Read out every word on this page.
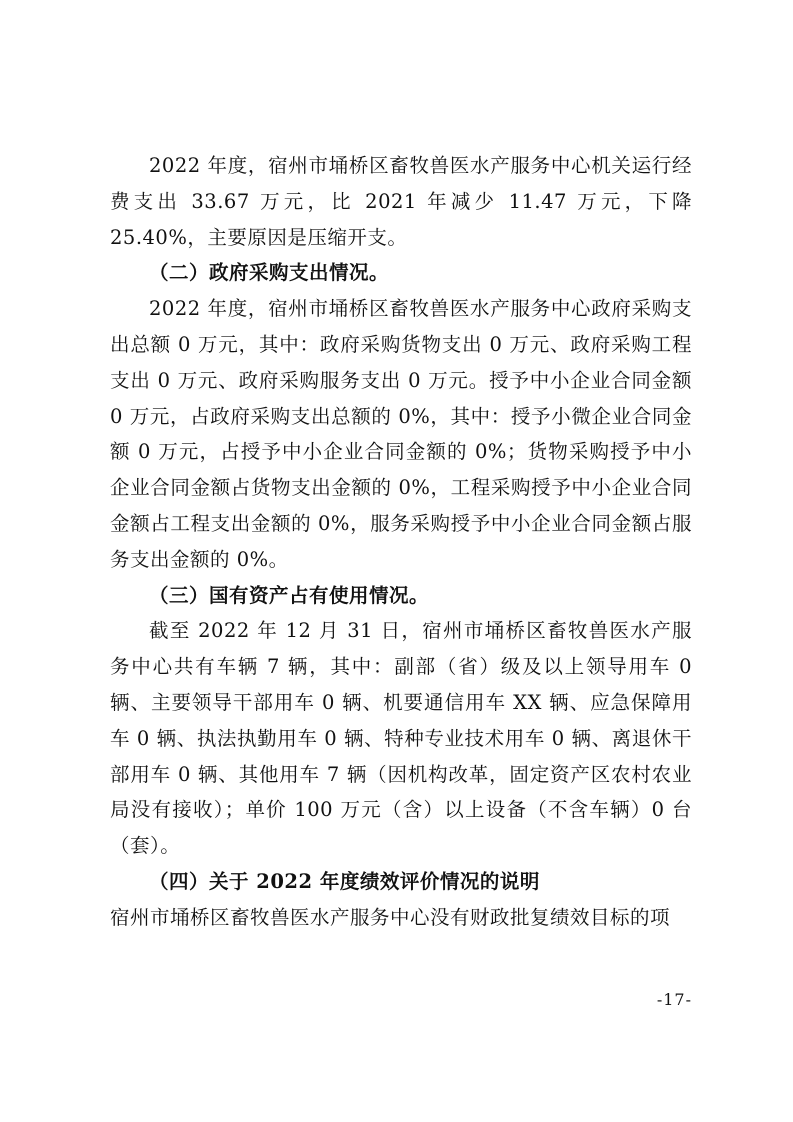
2022 年度，宿州市埇桥区畜牧兽医水产服务中心机关运行经费支出 33.67 万元，比 2021 年减少 11.47 万元，下降 25.40%，主要原因是压缩开支。

（二）政府采购支出情况。

2022 年度，宿州市埇桥区畜牧兽医水产服务中心政府采购支出总额 0 万元，其中：政府采购货物支出 0 万元、政府采购工程支出 0 万元、政府采购服务支出 0 万元。授予中小企业合同金额 0 万元，占政府采购支出总额的 0%，其中：授予小微企业合同金额 0 万元，占授予中小企业合同金额的 0%；货物采购授予中小企业合同金额占货物支出金额的 0%，工程采购授予中小企业合同金额占工程支出金额的 0%，服务采购授予中小企业合同金额占服务支出金额的 0%。

（三）国有资产占有使用情况。

截至 2022 年 12 月 31 日，宿州市埇桥区畜牧兽医水产服务中心共有车辆 7 辆，其中：副部（省）级及以上领导用车 0 辆、主要领导干部用车 0 辆、机要通信用车 XX 辆、应急保障用车 0 辆、执法执勤用车 0 辆、特种专业技术用车 0 辆、离退休干部用车 0 辆、其他用车 7 辆（因机构改革，固定资产区农村农业局没有接收）；单价 100 万元（含）以上设备（不含车辆）0 台（套）。

（四）关于 2022 年度绩效评价情况的说明

宿州市埇桥区畜牧兽医水产服务中心没有财政批复绩效目标的项

-17-
